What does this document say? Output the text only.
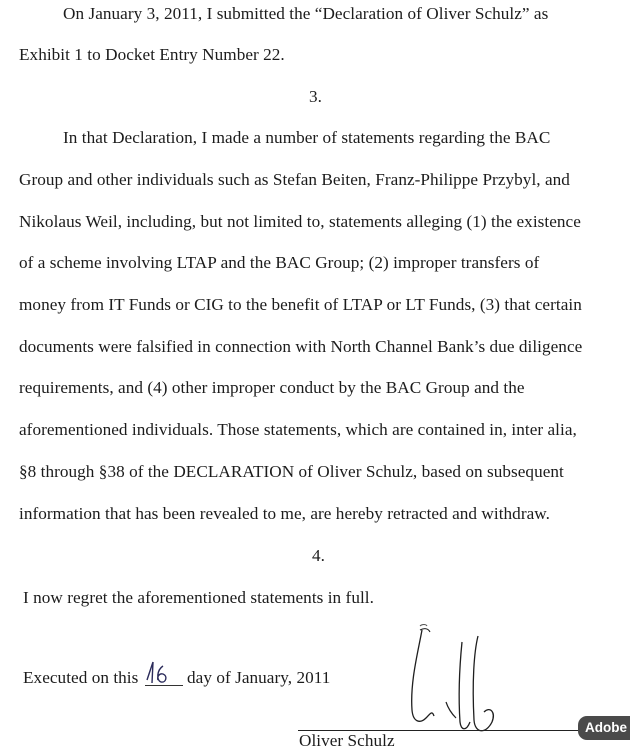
On January 3, 2011, I submitted the “Declaration of Oliver Schulz” as
Exhibit 1 to Docket Entry Number 22.
3.
In that Declaration, I made a number of statements regarding the BAC
Group and other individuals such as Stefan Beiten, Franz-Philippe Przybyl, and
Nikolaus Weil, including, but not limited to, statements alleging (1) the existence
of a scheme involving LTAP and the BAC Group; (2) improper transfers of
money from IT Funds or CIG to the benefit of LTAP or LT Funds, (3) that certain
documents were falsified in connection with North Channel Bank’s due diligence
requirements, and (4) other improper conduct by the BAC Group and the
aforementioned individuals. Those statements, which are contained in, inter alia,
§8 through §38 of the DECLARATION of Oliver Schulz, based on subsequent
information that has been revealed to me, are hereby retracted and withdraw.
4.
I now regret the aforementioned statements in full.
Executed on this	day of January, 2011
Oliver Schulz
Adobe
